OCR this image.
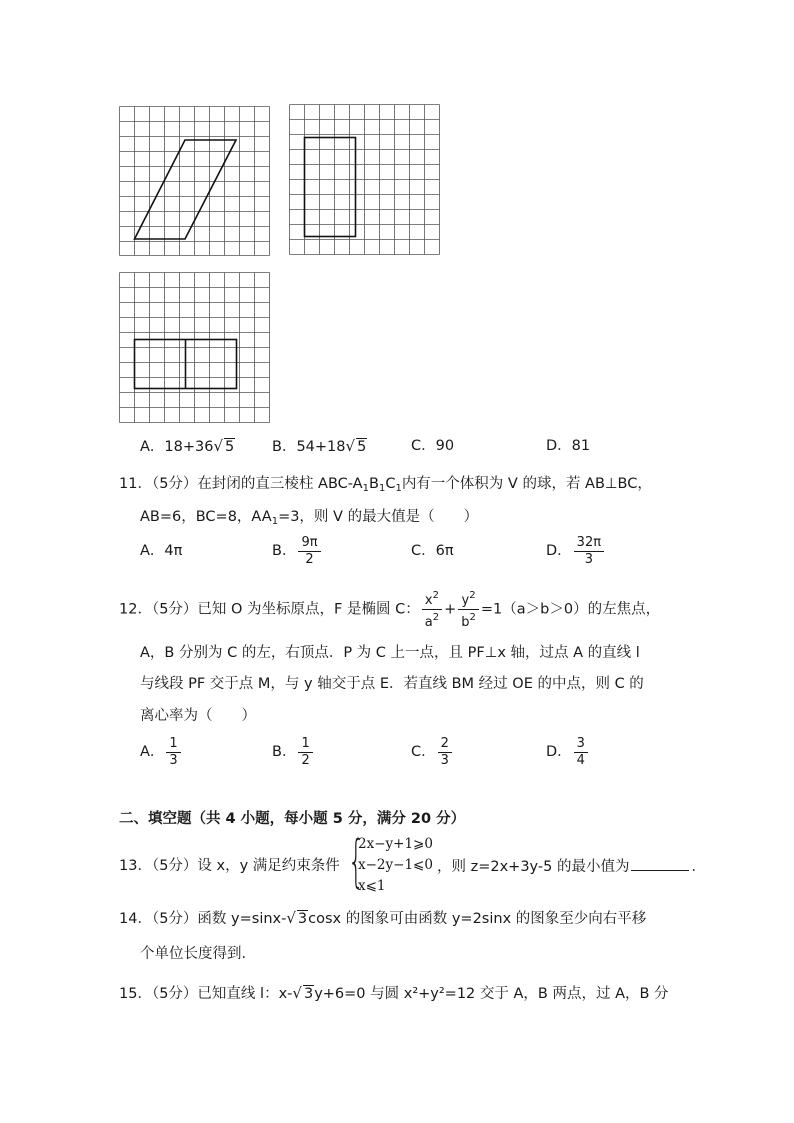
A．18+36√ 5	B．54+18√ 5	C．90	D．81
11．（5分）在封闭的直三棱柱 ABC-$A_1B_1C_1$内有一个体积为 V 的球，若 AB⊥BC，
AB=6，BC=8，$AA_1=3$，则 V 的最大值是（　　）
A．4π	B． $\frac{9\pi}{2}$	C．6π	D． $\frac{32\pi}{3}$
12．（5分）已知 O 为坐标原点，F 是椭圆 C： $\frac{x^2}{a^2} + \frac{y^2}{b^2} =1(a>b>0)$的左焦点，
A，B 分别为 C 的左，右顶点．P 为 C 上一点，且 PF⊥x 轴，过点 A 的直线 l
与线段 PF 交于点 M，与 y 轴交于点 E．若直线 BM 经过 OE 的中点，则 C 的
离心率为（　　）
A． $\frac{1}{3}$	B． $\frac{1}{2}$	C． $\frac{2}{3}$	D． $\frac{3}{4}$
二、填空题（共 4 小题，每小题 5 分，满分 20 分）
13．（5分）设 x，y 满足约束条件 {
2x−y+1⩾0
x−2y−1⩽0
x⩽1
，则 z=2x+3y-5 的最小值为	．
14．（5分）函数 y=sinx-√ 3cosx 的图象可由函数 y=2sinx 的图象至少向右平移
个单位长度得到．
15．（5分）已知直线 l：x-√ 3y+6=0 与圆 x²+y²=12 交于 A，B 两点，过 A，B 分
